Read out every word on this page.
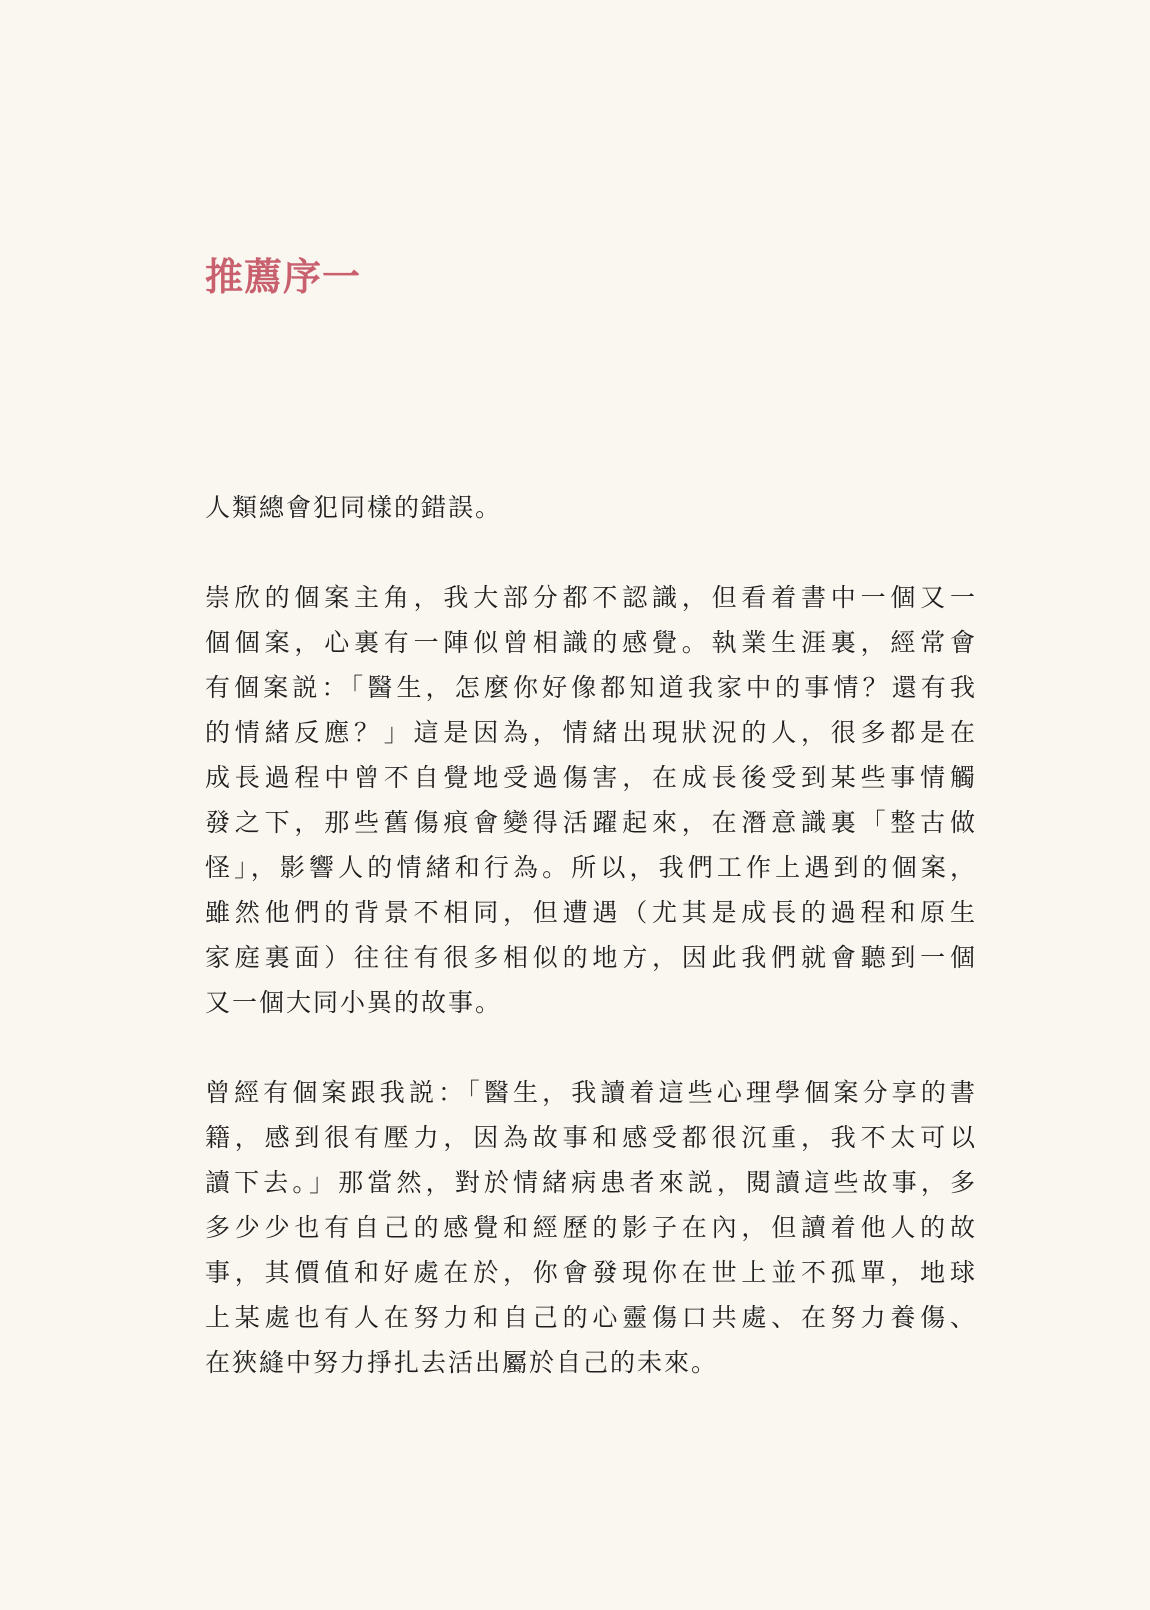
推薦序一

人類總會犯同樣的錯誤。

崇欣的個案主角，我大部分都不認識，但看着書中一個又一
個個案，心裏有一陣似曾相識的感覺。執業生涯裏，經常會
有個案説：「醫生，怎麼你好像都知道我家中的事情？還有我
的情緒反應？」這是因為，情緒出現狀況的人，很多都是在
成長過程中曾不自覺地受過傷害，在成長後受到某些事情觸
發之下，那些舊傷痕會變得活躍起來，在潛意識裏「整古做
怪」，影響人的情緒和行為。所以，我們工作上遇到的個案，
雖然他們的背景不相同，但遭遇（尤其是成長的過程和原生
家庭裏面）往往有很多相似的地方，因此我們就會聽到一個
又一個大同小異的故事。

曾經有個案跟我説：「醫生，我讀着這些心理學個案分享的書
籍，感到很有壓力，因為故事和感受都很沉重，我不太可以
讀下去。」那當然，對於情緒病患者來説，閱讀這些故事，多
多少少也有自己的感覺和經歷的影子在內，但讀着他人的故
事，其價值和好處在於，你會發現你在世上並不孤單，地球
上某處也有人在努力和自己的心靈傷口共處、在努力養傷、
在狹縫中努力掙扎去活出屬於自己的未來。
